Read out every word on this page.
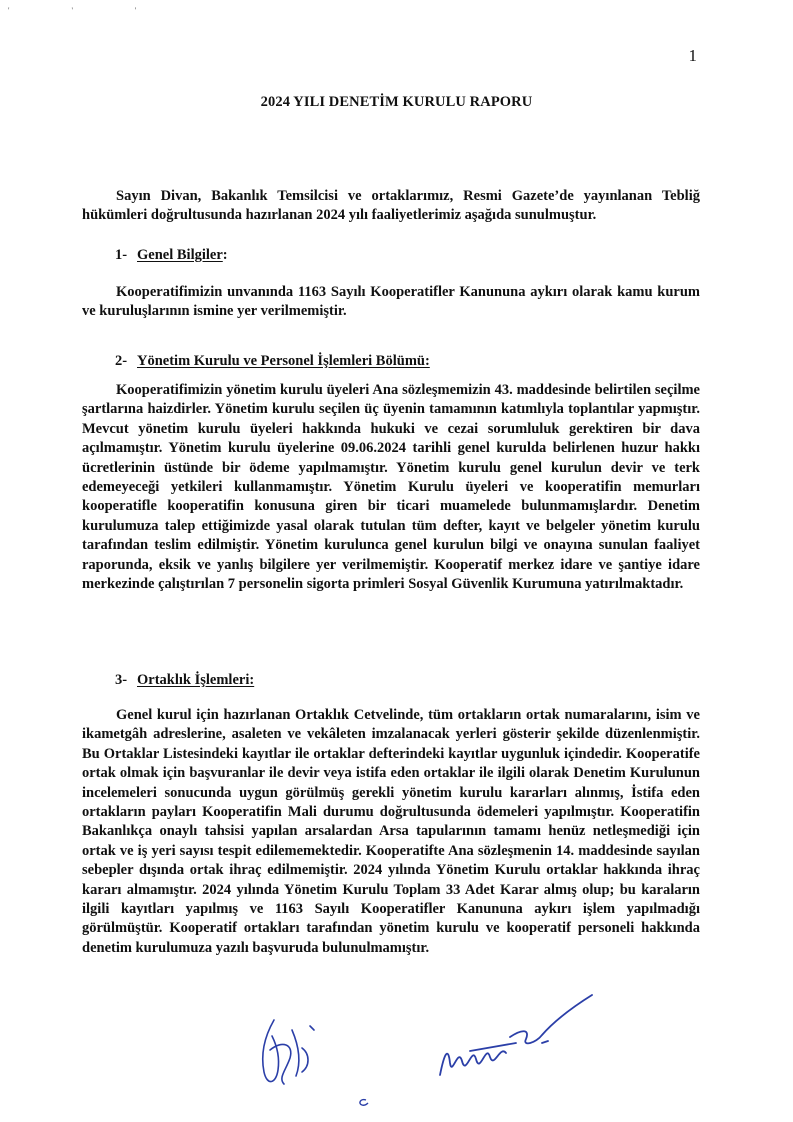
' ' '
1
2024 YILI DENETİM KURULU RAPORU

Sayın Divan, Bakanlık Temsilcisi ve ortaklarımız, Resmi Gazete’de yayınlanan Tebliğ hükümleri doğrultusunda hazırlanan 2024 yılı faaliyetlerimiz aşağıda sunulmuştur.

1- Genel Bilgiler:

Kooperatifimizin unvanında 1163 Sayılı Kooperatifler Kanununa aykırı olarak kamu kurum ve kuruluşlarının ismine yer verilmemiştir.

2- Yönetim Kurulu ve Personel İşlemleri Bölümü:

Kooperatifimizin yönetim kurulu üyeleri Ana sözleşmemizin 43. maddesinde belirtilen seçilme şartlarına haizdirler. Yönetim kurulu seçilen üç üyenin tamamının katımlıyla toplantılar yapmıştır. Mevcut yönetim kurulu üyeleri hakkında hukuki ve cezai sorumluluk gerektiren bir dava açılmamıştır. Yönetim kurulu üyelerine 09.06.2024 tarihli genel kurulda belirlenen huzur hakkı ücretlerinin üstünde bir ödeme yapılmamıştır. Yönetim kurulu genel kurulun devir ve terk edemeyeceği yetkileri kullanmamıştır. Yönetim Kurulu üyeleri ve kooperatifin memurları kooperatifle kooperatifin konusuna giren bir ticari muamelede bulunmamışlardır. Denetim kurulumuza talep ettiğimizde yasal olarak tutulan tüm defter, kayıt ve belgeler yönetim kurulu tarafından teslim edilmiştir. Yönetim kurulunca genel kurulun bilgi ve onayına sunulan faaliyet raporunda, eksik ve yanlış bilgilere yer verilmemiştir. Kooperatif merkez idare ve şantiye idare merkezinde çalıştırılan 7 personelin sigorta primleri Sosyal Güvenlik Kurumuna yatırılmaktadır.

3- Ortaklık İşlemleri:

Genel kurul için hazırlanan Ortaklık Cetvelinde, tüm ortakların ortak numaralarını, isim ve ikametgâh adreslerine, asaleten ve vekâleten imzalanacak yerleri gösterir şekilde düzenlenmiştir. Bu Ortaklar Listesindeki kayıtlar ile ortaklar defterindeki kayıtlar uygunluk içindedir. Kooperatife ortak olmak için başvuranlar ile devir veya istifa eden ortaklar ile ilgili olarak Denetim Kurulunun incelemeleri sonucunda uygun görülmüş gerekli yönetim kurulu kararları alınmış, İstifa eden ortakların payları Kooperatifin Mali durumu doğrultusunda ödemeleri yapılmıştır. Kooperatifin Bakanlıkça onaylı tahsisi yapılan arsalardan Arsa tapularının tamamı henüz netleşmediği için ortak ve iş yeri sayısı tespit edilememektedir. Kooperatifte Ana sözleşmenin 14. maddesinde sayılan sebepler dışında ortak ihraç edilmemiştir. 2024 yılında Yönetim Kurulu ortaklar hakkında ihraç kararı almamıştır. 2024 yılında Yönetim Kurulu Toplam 33 Adet Karar almış olup; bu karaların ilgili kayıtları yapılmış ve 1163 Sayılı Kooperatifler Kanununa aykırı işlem yapılmadığı görülmüştür. Kooperatif ortakları tarafından yönetim kurulu ve kooperatif personeli hakkında denetim kurulumuza yazılı başvuruda bulunulmamıştır.
